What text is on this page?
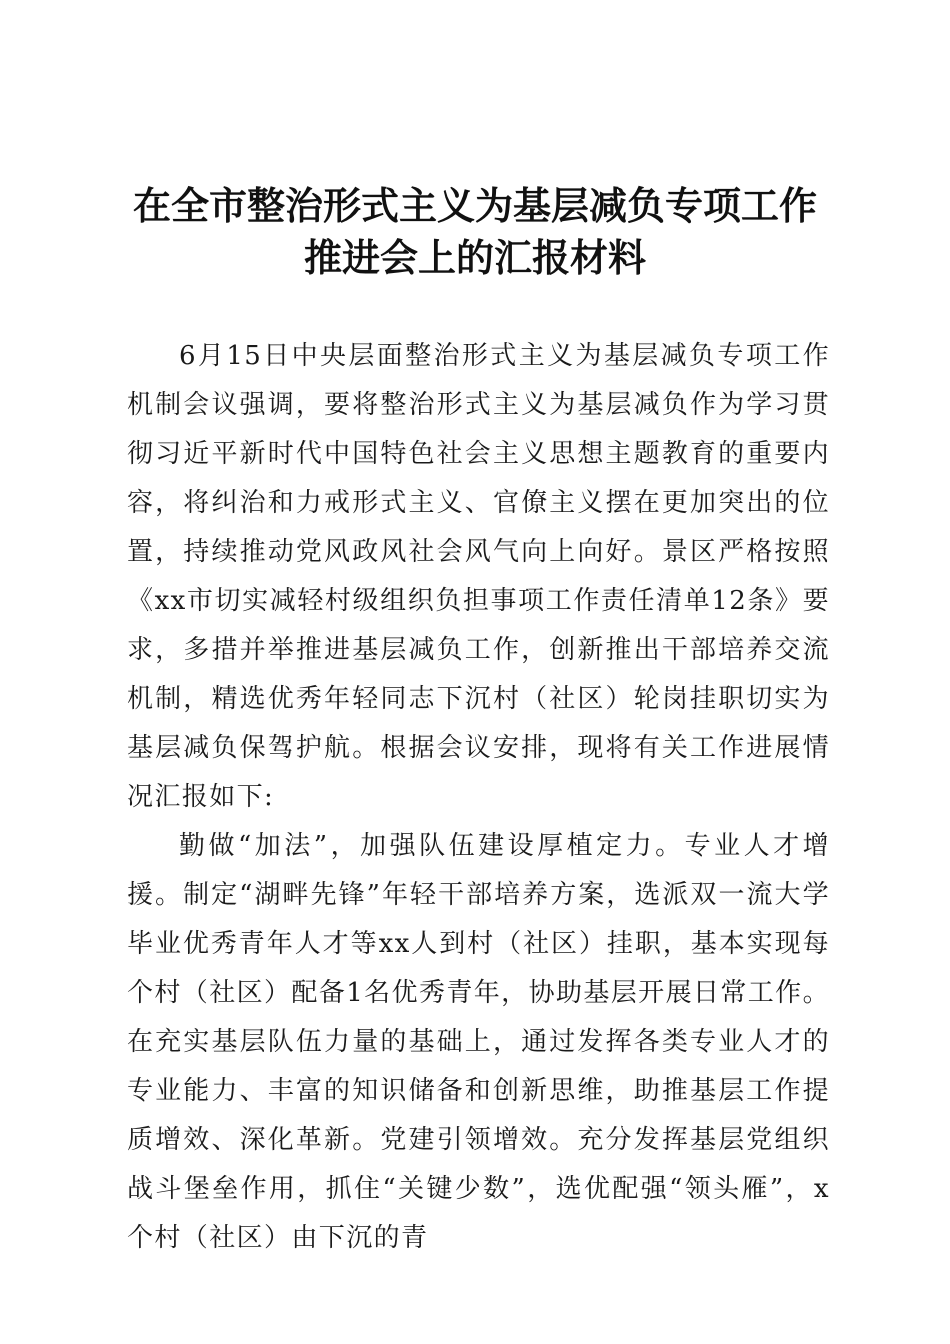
在全市整治形式主义为基层减负专项工作推进会上的汇报材料

6月15日中央层面整治形式主义为基层减负专项工作机制会议强调，要将整治形式主义为基层减负作为学习贯彻习近平新时代中国特色社会主义思想主题教育的重要内容，将纠治和力戒形式主义、官僚主义摆在更加突出的位置，持续推动党风政风社会风气向上向好。景区严格按照《xx市切实减轻村级组织负担事项工作责任清单12条》要求，多措并举推进基层减负工作，创新推出干部培养交流机制，精选优秀年轻同志下沉村（社区）轮岗挂职切实为基层减负保驾护航。根据会议安排，现将有关工作进展情况汇报如下:

勤做“加法”，加强队伍建设厚植定力。专业人才增援。制定“湖畔先锋”年轻干部培养方案，选派双一流大学毕业优秀青年人才等xx人到村（社区）挂职，基本实现每个村（社区）配备1名优秀青年，协助基层开展日常工作。在充实基层队伍力量的基础上，通过发挥各类专业人才的专业能力、丰富的知识储备和创新思维，助推基层工作提质增效、深化革新。党建引领增效。充分发挥基层党组织战斗堡垒作用，抓住“关键少数”，选优配强“领头雁”，x个村（社区）由下沉的青
